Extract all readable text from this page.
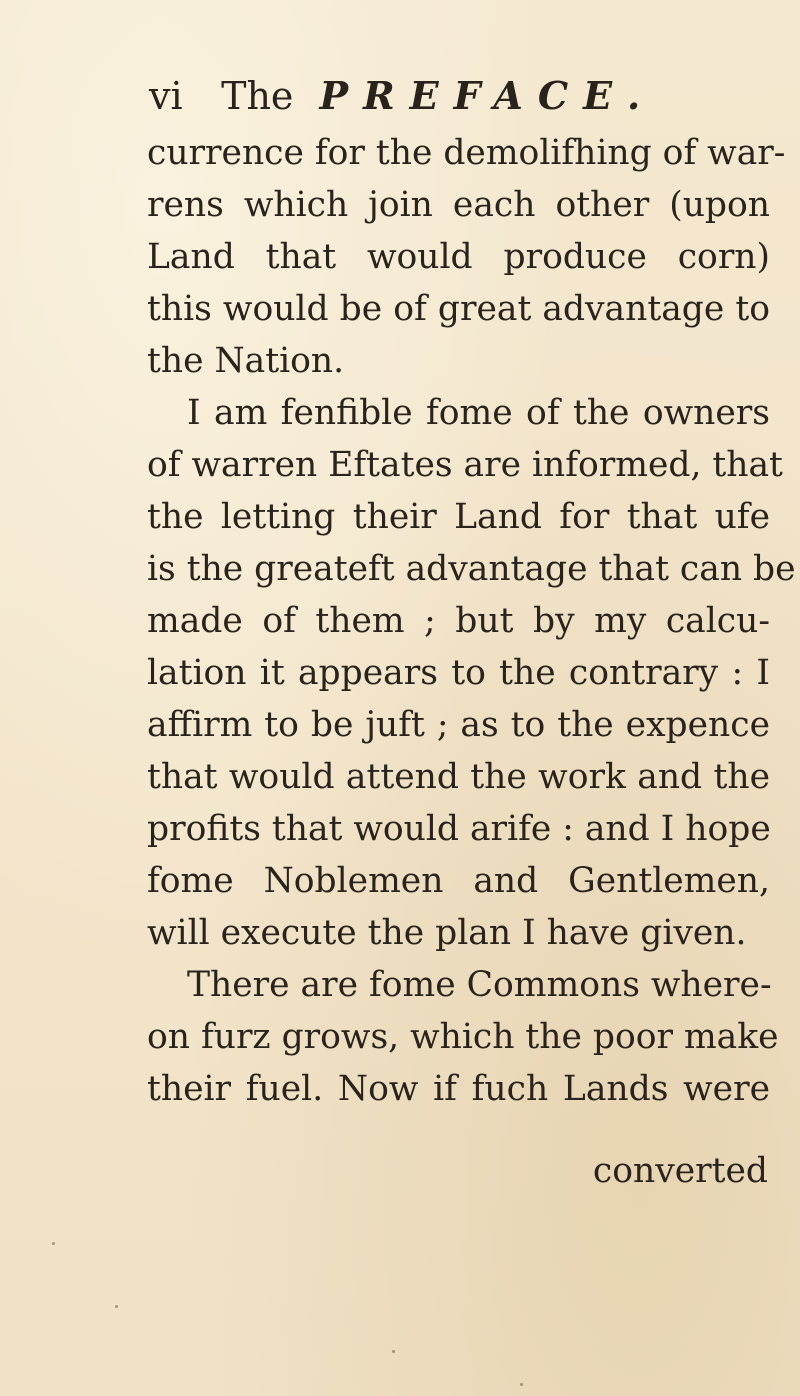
vi The PREFACE.
currence for the demolifhing of war-
rens which join each other (upon
Land that would produce corn)
this would be of great advantage to
the Nation.
I am fenfible fome of the owners
of warren Eftates are informed, that
the letting their Land for that ufe
is the greateft advantage that can be
made of them ; but by my calcu-
lation it appears to the contrary : I
affirm to be juft ; as to the expence
that would attend the work and the
profits that would arife : and I hope
fome Noblemen and Gentlemen,
will execute the plan I have given.
There are fome Commons where-
on furz grows, which the poor make
their fuel. Now if fuch Lands were
converted
